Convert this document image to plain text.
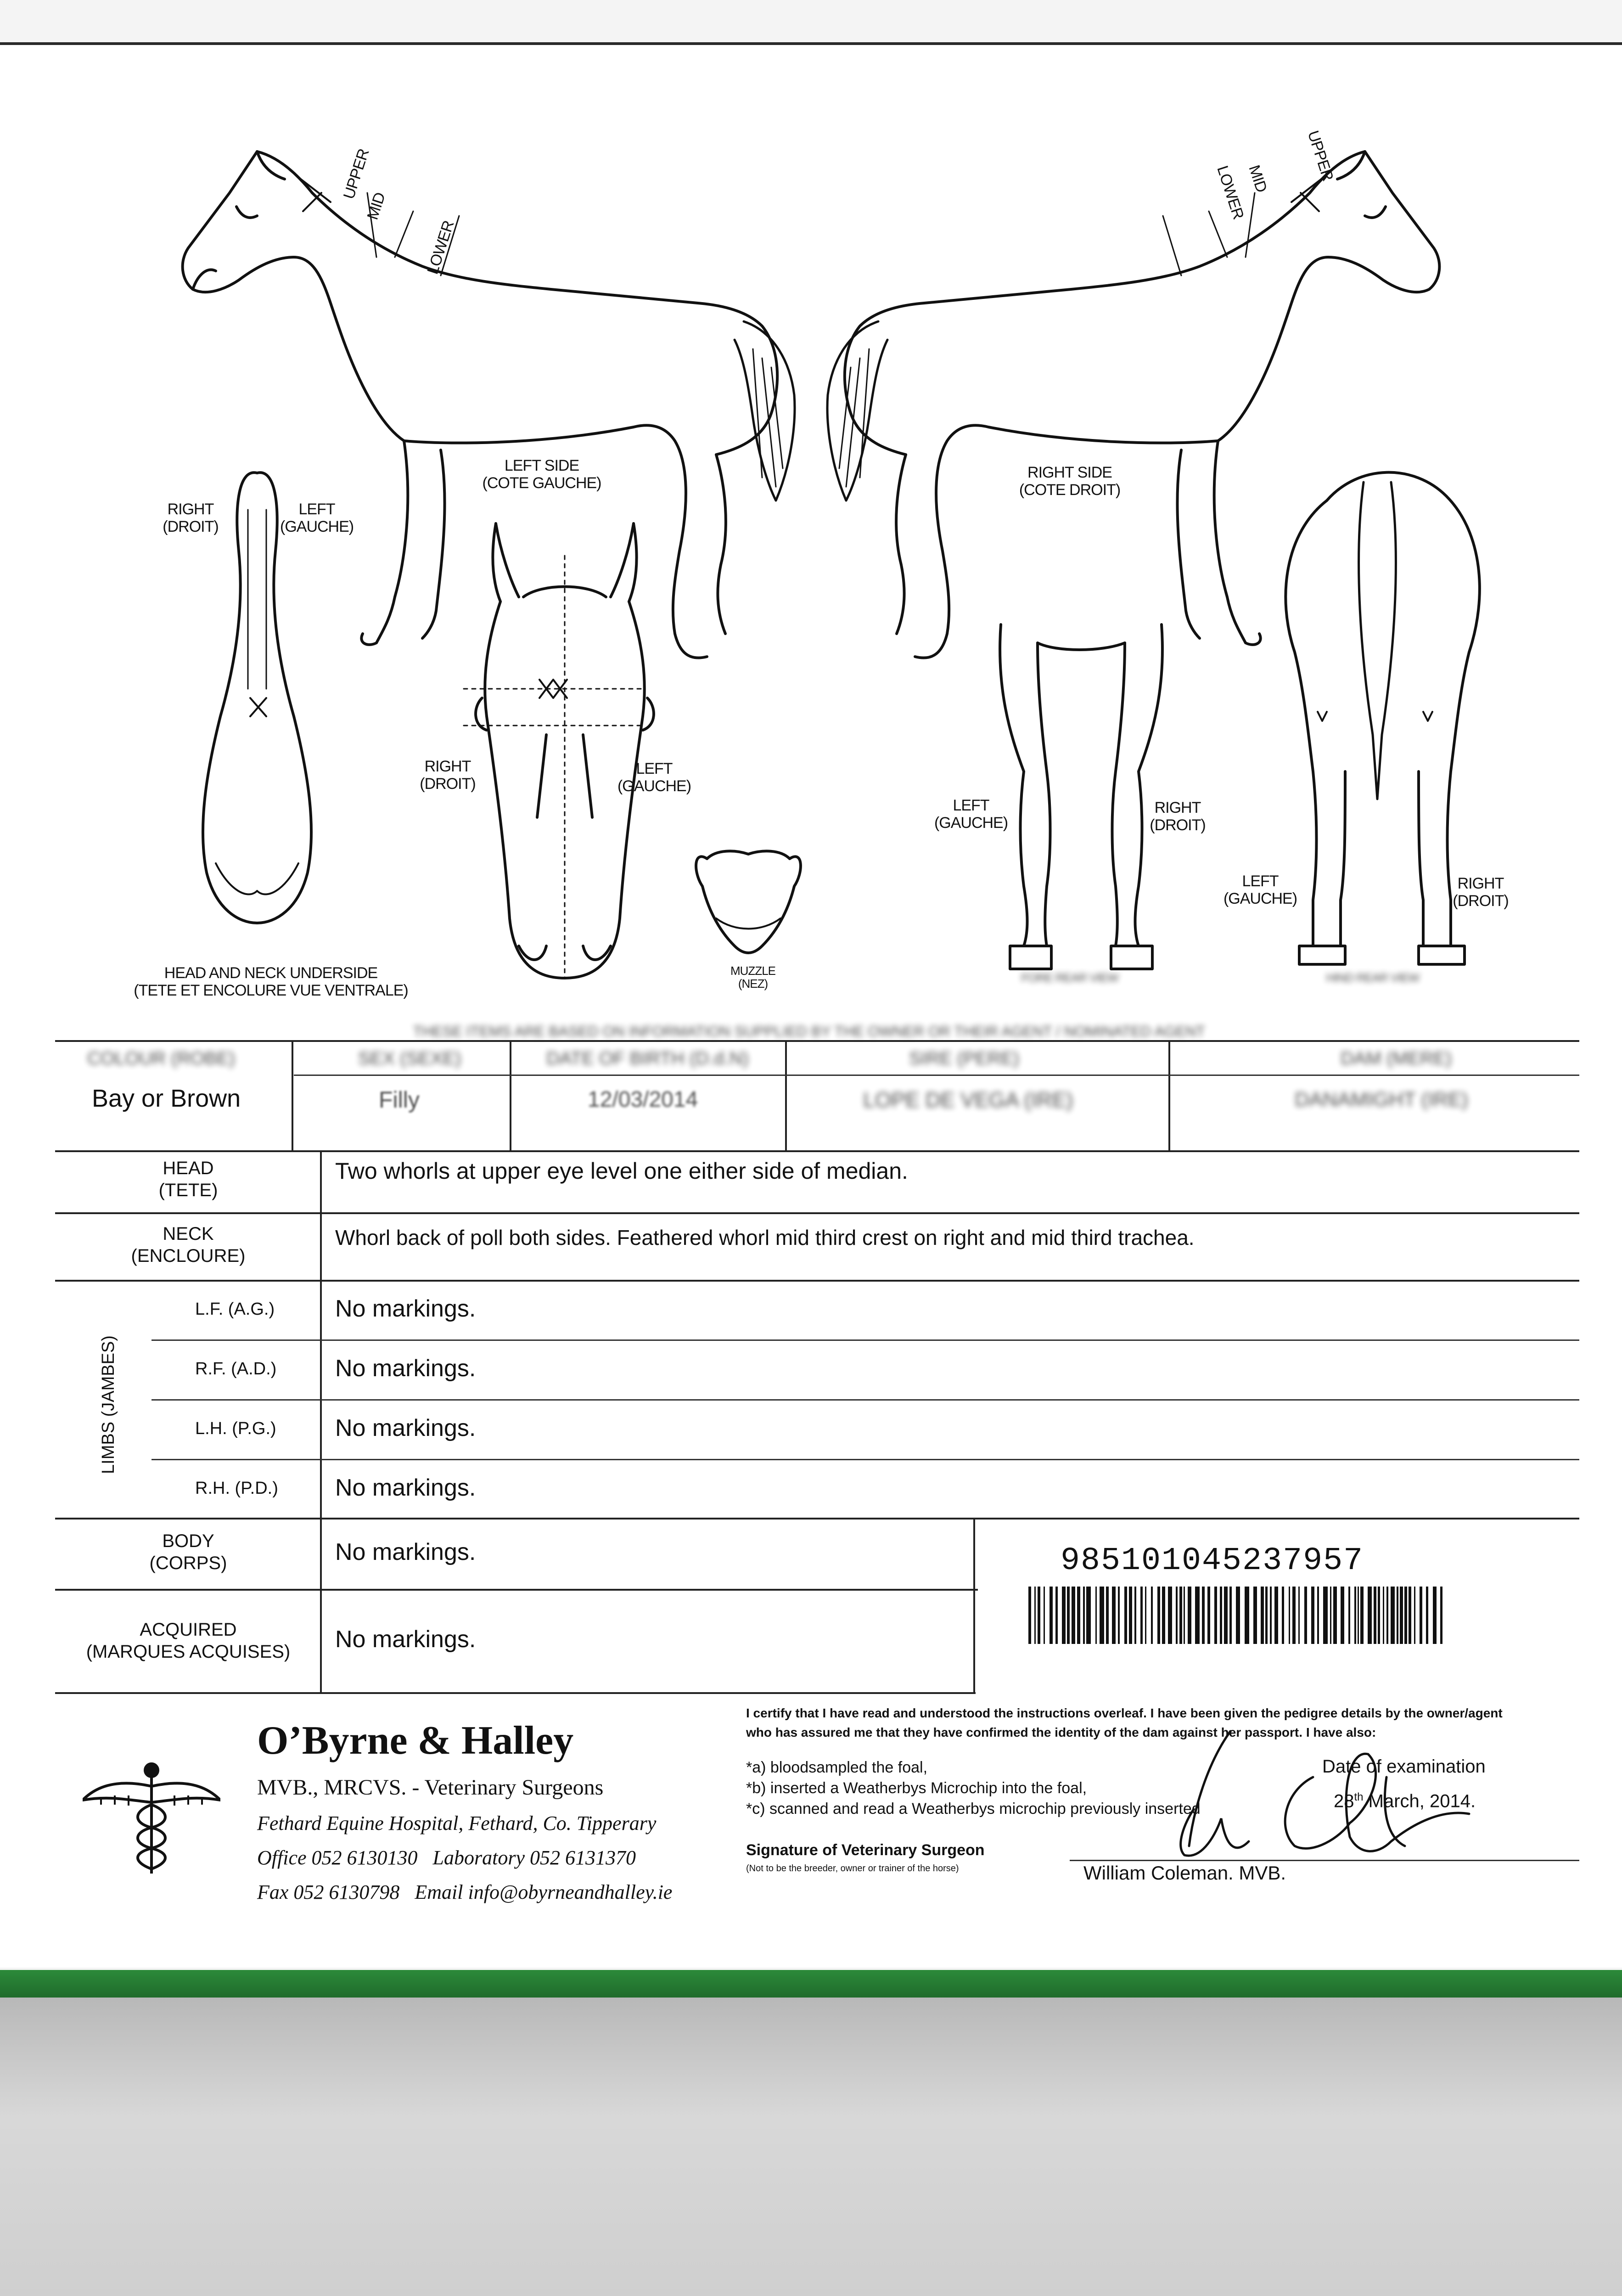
UPPER
MID
LOWER
UPPER
MID
LOWER
LEFT SIDE
(COTE GAUCHE)
RIGHT SIDE
(COTE DROIT)
RIGHT
(DROIT)
LEFT
(GAUCHE)
RIGHT
(DROIT)
LEFT
(GAUCHE)
LEFT
(GAUCHE)
RIGHT
(DROIT)
LEFT
(GAUCHE)
RIGHT
(DROIT)
HEAD AND NECK UNDERSIDE
(TETE ET ENCOLURE VUE VENTRALE)
MUZZLE
(NEZ)	FORE REAR VIEW	HIND REAR VIEW
THESE ITEMS ARE BASED ON INFORMATION SUPPLIED BY THE OWNER OR THEIR AGENT / NOMINATED AGENT
COLOUR (ROBE)
Bay or Brown
SEX (SEXE)
Filly
DATE OF BIRTH (D.d.N)
12/03/2014
SIRE (PERE)
LOPE DE VEGA (IRE)
DAM (MERE)
DANAMIGHT (IRE)
HEAD
(TETE)
Two whorls at upper eye level one either side of median.
NECK
(ENCLOURE)
Whorl back of poll both sides. Feathered whorl mid third crest on right and mid third trachea.
LIMBS (JAMBES)
L.F. (A.G.)	No markings.
R.F. (A.D.) No markings.
L.H. (P.G.) No markings.
R.H. (P.D.) No markings.
BODY
(CORPS)	No markings.
ACQUIRED
(MARQUES ACQUISES)	No markings.
985101045237957
O’Byrne & Halley
MVB., MRCVS. - Veterinary Surgeons
Fethard Equine Hospital, Fethard, Co. Tipperary
Office 052 6130130   Laboratory 052 6131370
Fax 052 6130798   Email info@obyrneandhalley.ie
I certify that I have read and understood the instructions overleaf. I have been given the pedigree details by the owner/agent
who has assured me that they have confirmed the identity of the dam against her passport. I have also:
*a) bloodsampled the foal,
*b) inserted a Weatherbys Microchip into the foal,
*c) scanned and read a Weatherbys microchip previously inserted
Date of examination
28th March, 2014.
Signature of Veterinary Surgeon
(Not to be the breeder, owner or trainer of the horse)	William Coleman. MVB.
